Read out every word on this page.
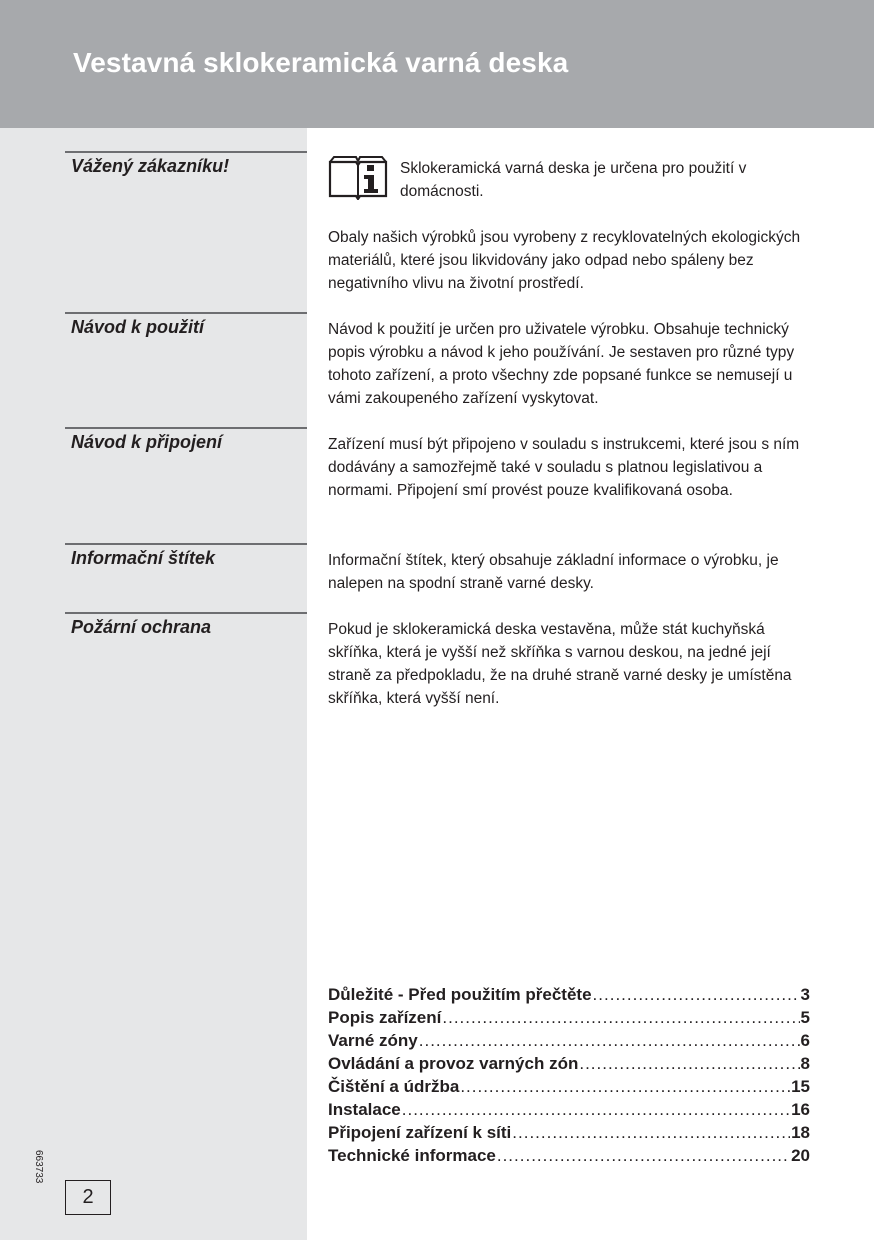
Vestavná sklokeramická varná deska
Vážený zákazníku!
Návod k použití
Návod k připojení
Informační štítek
Požární ochrana

Sklokeramická varná deska je určena pro použití v domácnosti.

Obaly našich výrobků jsou vyrobeny z recyklovatelných ekologických materiálů, které jsou likvidovány jako odpad nebo spáleny bez negativního vlivu na životní prostředí.

Návod k použití je určen pro uživatele výrobku. Obsahuje technický popis výrobku a návod k jeho používání. Je sestaven pro různé typy tohoto zařízení, a proto všechny zde popsané funkce se nemusejí u vámi zakoupeného zařízení vyskytovat.

Zařízení musí být připojeno v souladu s instrukcemi, které jsou s ním dodávány a samozřejmě také v souladu s platnou legislativou a normami. Připojení smí provést pouze kvalifikovaná osoba.

Informační štítek, který obsahuje základní informace o výrobku, je nalepen na spodní straně varné desky.

Pokud je sklokeramická deska vestavěna, může stát kuchyňská skříňka, která je vyšší než skříňka s varnou deskou, na jedné její straně za předpokladu, že na druhé straně varné desky je umístěna skříňka, která vyšší není.

Důležité - Před použitím přečtěte .....	3
Popis zařízení .....	5
Varné zóny .....	6
Ovládání a provoz varných zón .....	8
Čištění a údržba .....	15
Instalace .....	16
Připojení zařízení k síti .....	18
Technické informace .....	20
663733
2
